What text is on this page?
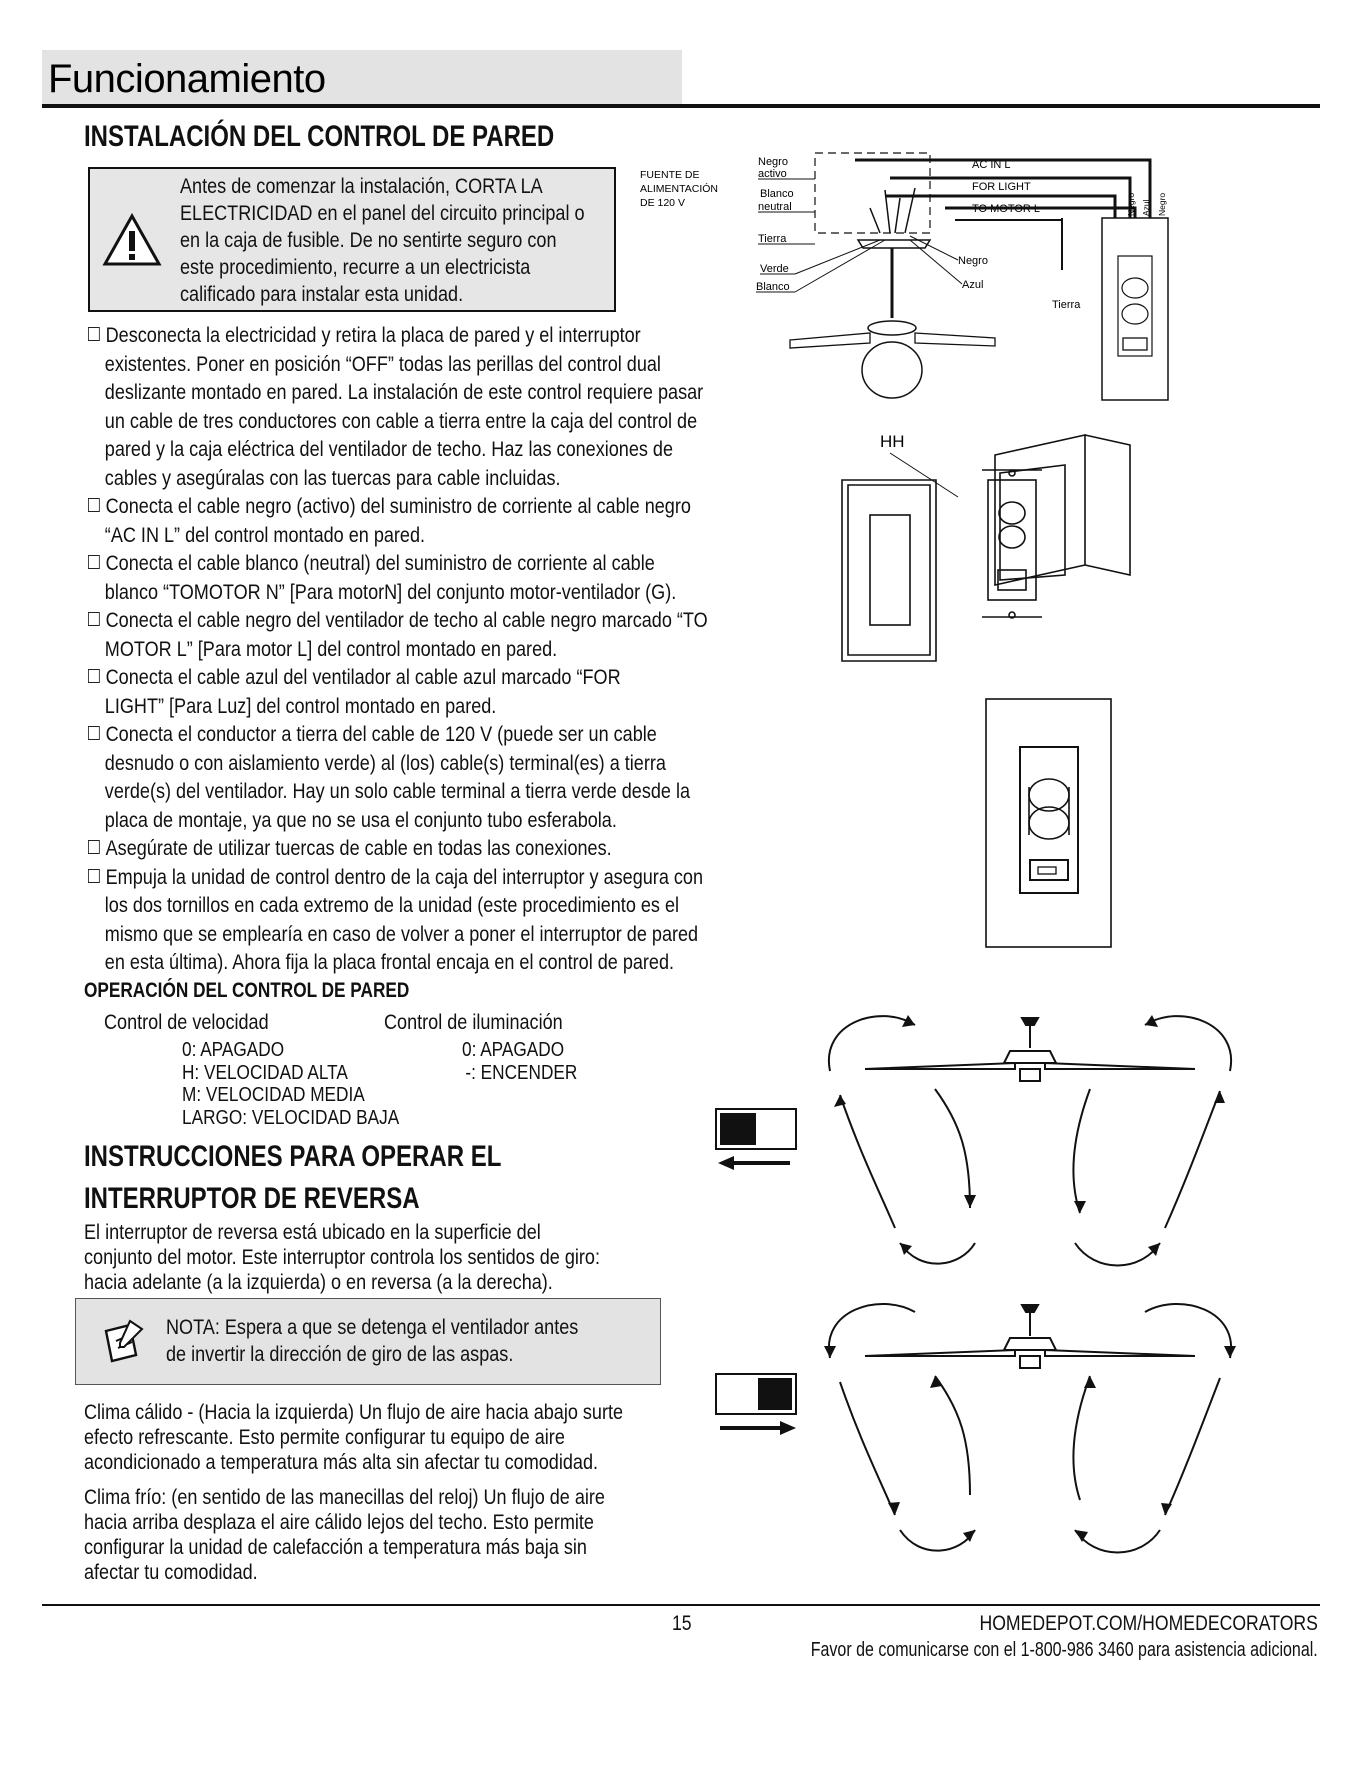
Funcionamiento
INSTALACIÓN DEL CONTROL DE PARED
Antes de comenzar la instalación, CORTA LA
ELECTRICIDAD en el panel del circuito principal o
en la caja de fusible. De no sentirte seguro con
este procedimiento, recurre a un electricista
calificado para instalar esta unidad.
Desconecta la electricidad y retira la placa de pared y el interruptor
existentes. Poner en posición “OFF” todas las perillas del control dual
deslizante montado en pared. La instalación de este control requiere pasar
un cable de tres conductores con cable a tierra entre la caja del control de
pared y la caja eléctrica del ventilador de techo. Haz las conexiones de
cables y asegúralas con las tuercas para cable incluidas.
Conecta el cable negro (activo) del suministro de corriente al cable negro
“AC IN L” del control montado en pared.
Conecta el cable blanco (neutral) del suministro de corriente al cable
blanco “TOMOTOR N” [Para motorN] del conjunto motor-ventilador (G).
Conecta el cable negro del ventilador de techo al cable negro marcado “TO
MOTOR L” [Para motor L] del control montado en pared.
Conecta el cable azul del ventilador al cable azul marcado “FOR
LIGHT” [Para Luz] del control montado en pared.
Conecta el conductor a tierra del cable de 120 V (puede ser un cable
desnudo o con aislamiento verde) al (los) cable(s) terminal(es) a tierra
verde(s) del ventilador. Hay un solo cable terminal a tierra verde desde la
placa de montaje, ya que no se usa el conjunto tubo esferabola.
Asegúrate de utilizar tuercas de cable en todas las conexiones.
Empuja la unidad de control dentro de la caja del interruptor y asegura con
los dos tornillos en cada extremo de la unidad (este procedimiento es el
mismo que se emplearía en caso de volver a poner el interruptor de pared
en esta última). Ahora fija la placa frontal encaja en el control de pared.
FUENTE DE
ALIMENTACIÓN
DE 120 V
Negro
activo
Blanco
neutral
Tierra
Verde
Blanco
Negro
Azul
AC IN L
FOR LIGHT
TO MOTOR L
Tierra
Negro Azul Negro
HH
OPERACIÓN DEL CONTROL DE PARED
Control de velocidad	Control de iluminación
0: APAGADO
H: VELOCIDAD ALTA
M: VELOCIDAD MEDIA
LARGO: VELOCIDAD BAJA
0: APAGADO
-: ENCENDER
INSTRUCCIONES PARA OPERAR EL
INTERRUPTOR DE REVERSA
El interruptor de reversa está ubicado en la superficie del
conjunto del motor. Este interruptor controla los sentidos de giro:
hacia adelante (a la izquierda) o en reversa (a la derecha).
NOTA: Espera a que se detenga el ventilador antes
de invertir la dirección de giro de las aspas.
Clima cálido - (Hacia la izquierda) Un flujo de aire hacia abajo surte
efecto refrescante. Esto permite configurar tu equipo de aire
acondicionado a temperatura más alta sin afectar tu comodidad.
Clima frío: (en sentido de las manecillas del reloj) Un flujo de aire
hacia arriba desplaza el aire cálido lejos del techo. Esto permite
configurar la unidad de calefacción a temperatura más baja sin
afectar tu comodidad.
15	HOMEDEPOT.COM/HOMEDECORATORS
Favor de comunicarse con el 1-800-986 3460 para asistencia adicional.
